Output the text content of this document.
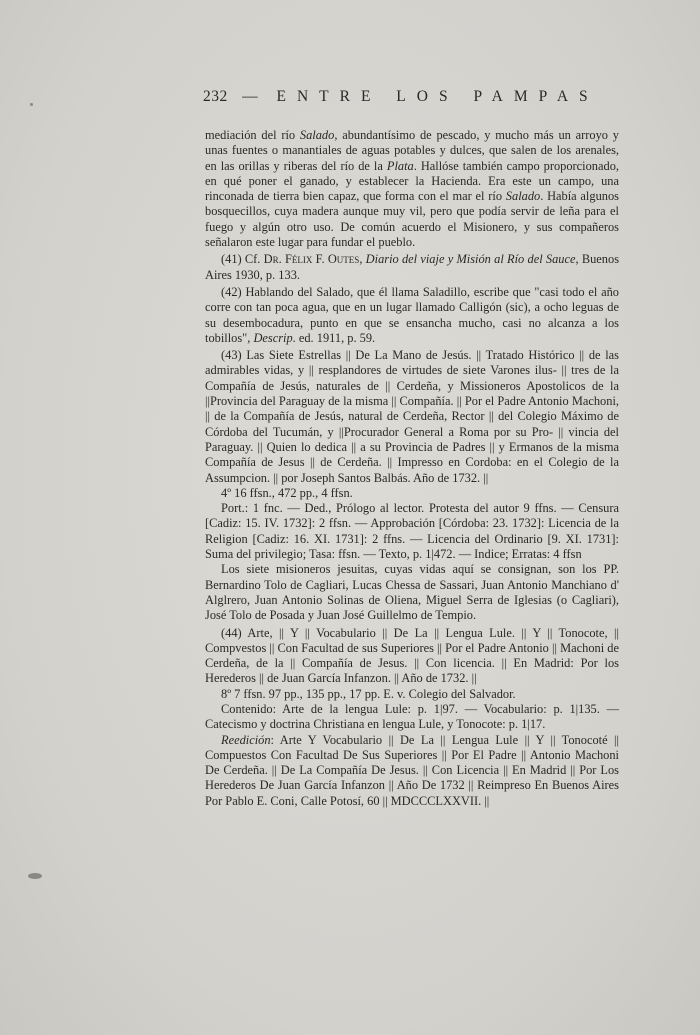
232 — ENTRE LOS PAMPAS

mediación del río Salado, abundantísimo de pescado, y mucho más un arroyo y unas fuentes o manantiales de aguas potables y dulces, que salen de los arenales, en las orillas y riberas del río de la Plata. Hallóse también campo proporcionado, en qué poner el ganado, y establecer la Hacienda. Era este un campo, una rinconada de tierra bien capaz, que forma con el mar el río Salado. Había algunos bosquecillos, cuya madera aunque muy vil, pero que podía servir de leña para el fuego y algún otro uso. De común acuerdo el Misionero, y sus compañeros señalaron este lugar para fundar el pueblo.

(41) Cf. Dr. Félix F. Outes, Diario del viaje y Misión al Río del Sauce, Buenos Aires 1930, p. 133.

(42) Hablando del Salado, que él llama Saladillo, escribe que "casi todo el año corre con tan poca agua, que en un lugar llamado Calligón (sic), a ocho leguas de su desembocadura, punto en que se ensancha mucho, casi no alcanza a los tobillos", Descrip. ed. 1911, p. 59.

(43) Las Siete Estrellas || De La Mano de Jesús. || Tratado Histórico || de las admirables vidas, y || resplandores de virtudes de siete Varones ilus- || tres de la Compañía de Jesús, naturales de || Cerdeña, y Missioneros Apostolicos de la ||Provincia del Paraguay de la misma || Compañía. || Por el Padre Antonio Machoni, || de la Compañía de Jesús, natural de Cerdeña, Rector || del Colegio Máximo de Córdoba del Tucumán, y ||Procurador General a Roma por su Pro- || vincia del Paraguay. || Quien lo dedica || a su Provincia de Padres || y Ermanos de la misma Compañía de Jesus || de Cerdeña. || Impresso en Cordoba: en el Colegio de la Assumpcion. || por Joseph Santos Balbás. Año de 1732. ||

4º 16 ffsn., 472 pp., 4 ffsn.

Port.: 1 fnc. — Ded., Prólogo al lector. Protesta del autor 9 ffns. — Censura [Cadiz: 15. IV. 1732]: 2 ffsn. — Approbación [Córdoba: 23. 1732]: Licencia de la Religion [Cadiz: 16. XI. 1731]: 2 ffns. — Licencia del Ordinario [9. XI. 1731]: Suma del privilegio; Tasa: ffsn. — Texto, p. 1|472. — Indice; Erratas: 4 ffsn

Los siete misioneros jesuitas, cuyas vidas aquí se consignan, son los PP. Bernardino Tolo de Cagliari, Lucas Chessa de Sassari, Juan Antonio Manchiano d' Alglrero, Juan Antonio Solinas de Oliena, Miguel Serra de Iglesias (o Cagliari), José Tolo de Posada y Juan José Guillelmo de Tempio.

(44) Arte, || Y || Vocabulario || De La || Lengua Lule. || Y || Tonocote, || Compvestos || Con Facultad de sus Superiores || Por el Padre Antonio || Machoni de Cerdeña, de la || Compañía de Jesus. || Con licencia. || En Madrid: Por los Herederos || de Juan García Infanzon. || Año de 1732. ||

8º 7 ffsn. 97 pp., 135 pp., 17 pp. E. v. Colegio del Salvador.

Contenido: Arte de la lengua Lule: p. 1|97. — Vocabulario: p. 1|135. — Catecismo y doctrina Christiana en lengua Lule, y Tonocote: p. 1|17.

Reedición: Arte Y Vocabulario || De La || Lengua Lule || Y || Tonocoté || Compuestos Con Facultad De Sus Superiores || Por El Padre || Antonio Machoni De Cerdeña. || De La Compañía De Jesus. || Con Licencia || En Madrid || Por Los Herederos De Juan García Infanzon || Año De 1732 || Reimpreso En Buenos Aires Por Pablo E. Coni, Calle Potosí, 60 || MDCCCLXXVII. ||
